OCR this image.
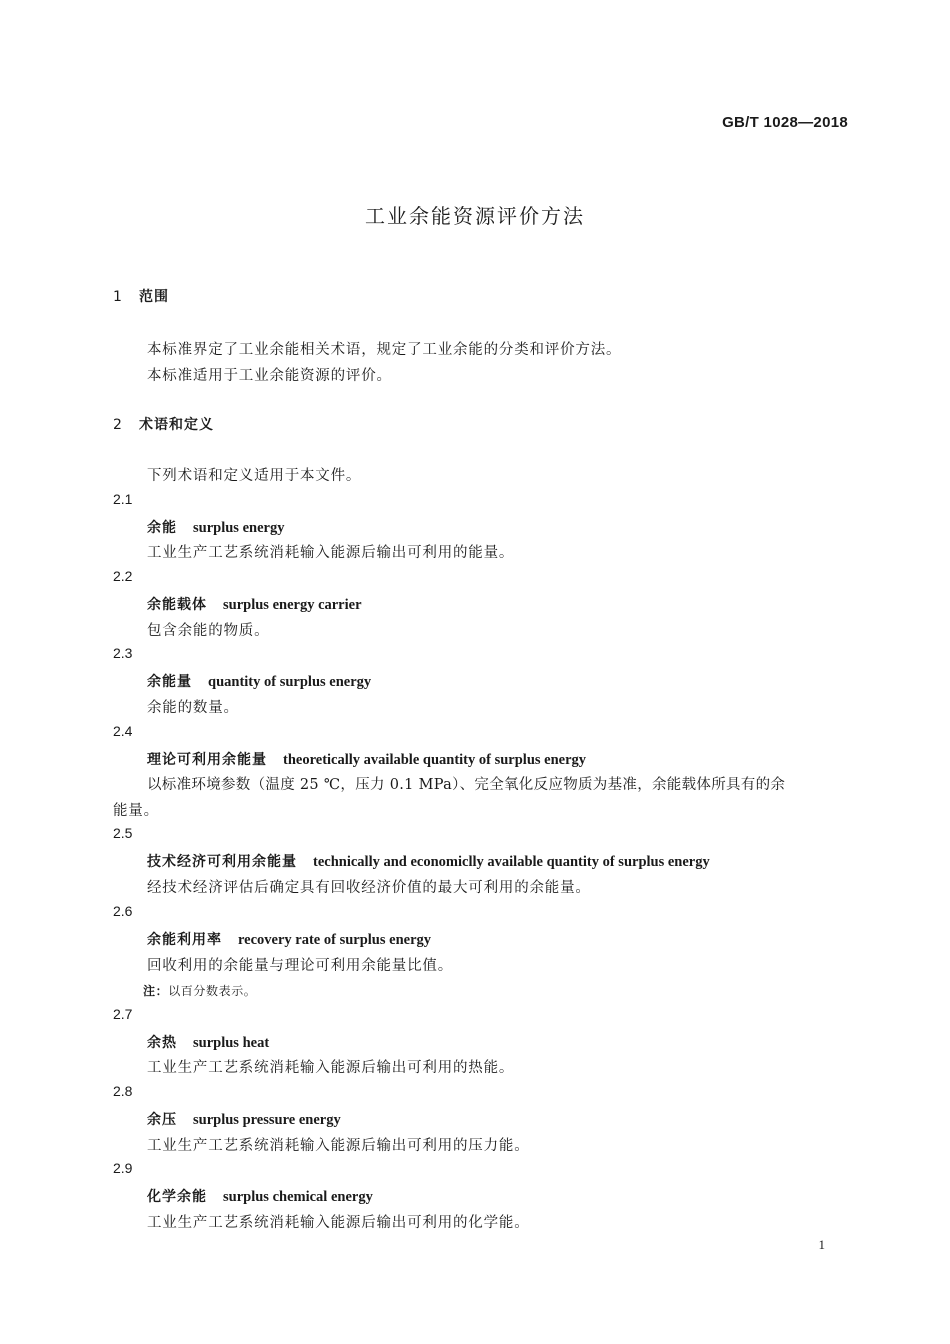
GB/T 1028—2018
工业余能资源评价方法
1 范围
本标准界定了工业余能相关术语，规定了工业余能的分类和评价方法。
本标准适用于工业余能资源的评价。
2 术语和定义
下列术语和定义适用于本文件。
2.1
余能 surplus energy
工业生产工艺系统消耗输入能源后输出可利用的能量。
2.2
余能载体 surplus energy carrier
包含余能的物质。
2.3
余能量 quantity of surplus energy
余能的数量。
2.4
理论可利用余能量 theoretically available quantity of surplus energy
以标准环境参数（温度 25 ℃，压力 0.1 MPa）、完全氧化反应物质为基准，余能载体所具有的余
能量。
2.5
技术经济可利用余能量 technically and economiclly available quantity of surplus energy
经技术经济评估后确定具有回收经济价值的最大可利用的余能量。
2.6
余能利用率 recovery rate of surplus energy
回收利用的余能量与理论可利用余能量比值。
注：以百分数表示。
2.7
余热 surplus heat
工业生产工艺系统消耗输入能源后输出可利用的热能。
2.8
余压 surplus pressure energy
工业生产工艺系统消耗输入能源后输出可利用的压力能。
2.9
化学余能 surplus chemical energy
工业生产工艺系统消耗输入能源后输出可利用的化学能。
1
